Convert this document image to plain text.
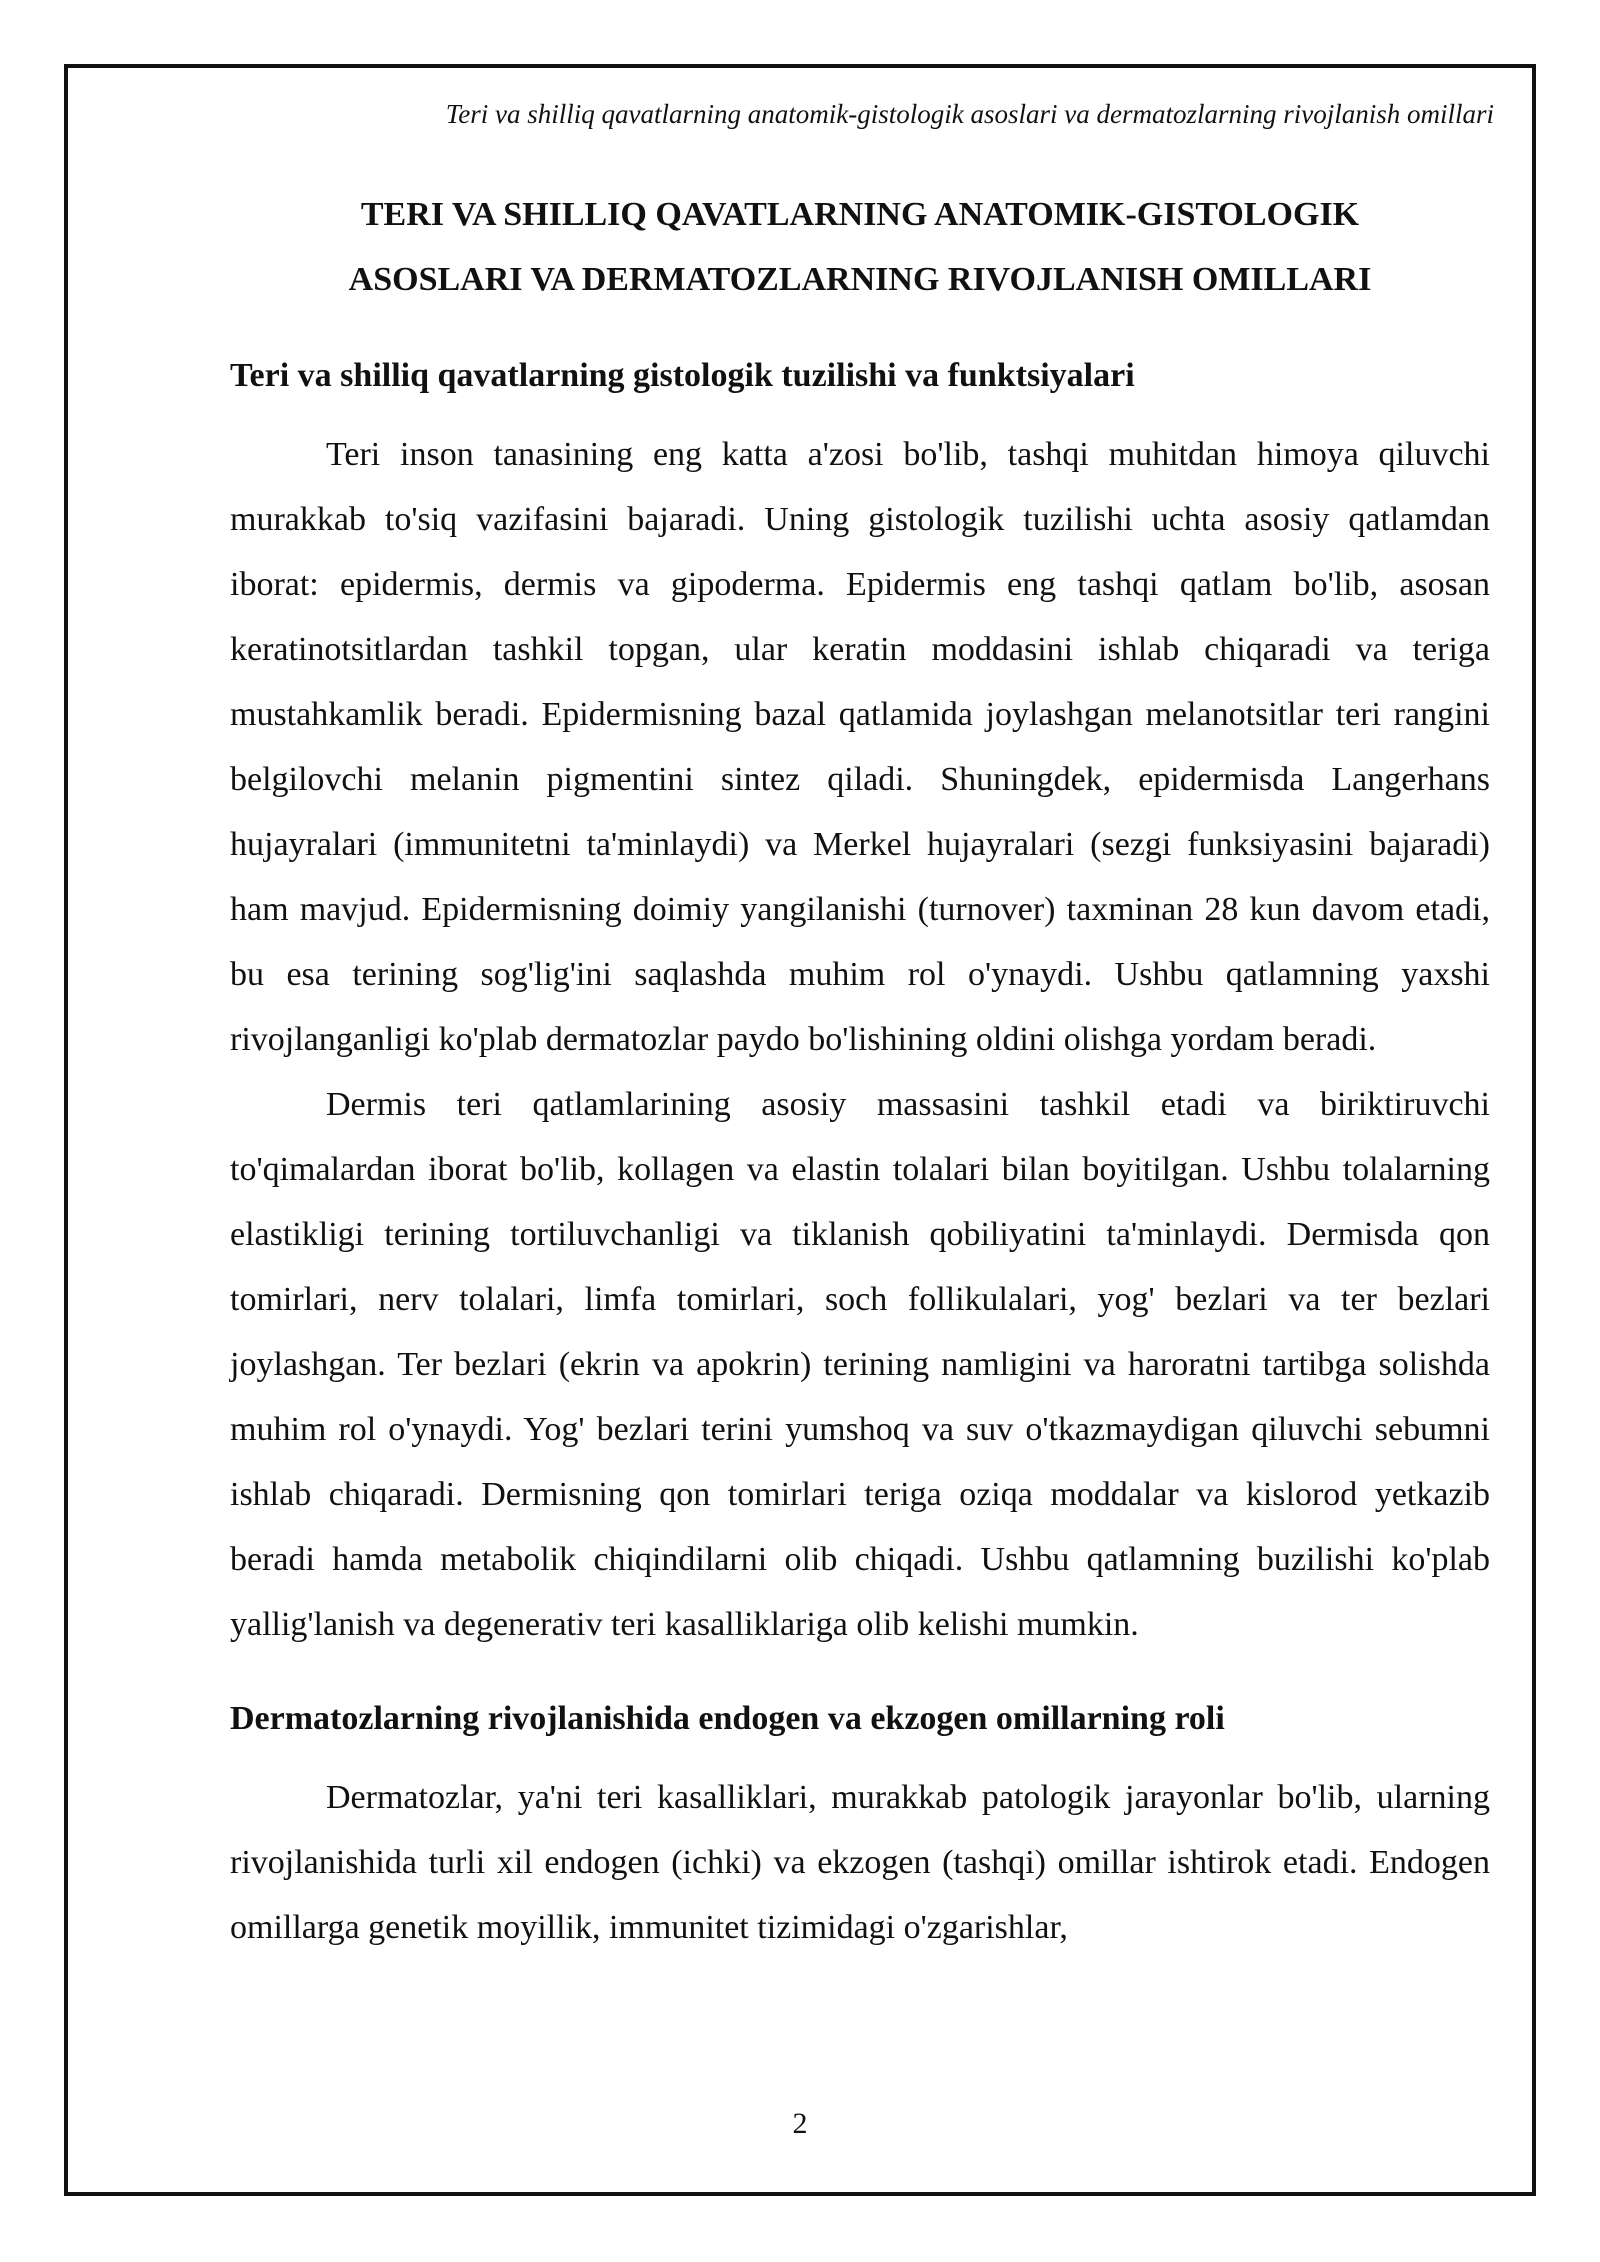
Teri va shilliq qavatlarning anatomik-gistologik asoslari va dermatozlarning rivojlanish omillari
TERI VA SHILLIQ QAVATLARNING ANATOMIK-GISTOLOGIK
ASOSLARI VA DERMATOZLARNING RIVOJLANISH OMILLARI
Teri va shilliq qavatlarning gistologik tuzilishi va funktsiyalari

Teri inson tanasining eng katta a'zosi bo'lib, tashqi muhitdan himoya qiluvchi murakkab to'siq vazifasini bajaradi. Uning gistologik tuzilishi uchta asosiy qatlamdan iborat: epidermis, dermis va gipoderma. Epidermis eng tashqi qatlam bo'lib, asosan keratinotsitlardan tashkil topgan, ular keratin moddasini ishlab chiqaradi va teriga mustahkamlik beradi. Epidermisning bazal qatlamida joylashgan melanotsitlar teri rangini belgilovchi melanin pigmentini sintez qiladi. Shuningdek, epidermisda Langerhans hujayralari (immunitetni ta'minlaydi) va Merkel hujayralari (sezgi funksiyasini bajaradi) ham mavjud. Epidermisning doimiy yangilanishi (turnover) taxminan 28 kun davom etadi, bu esa terining sog'lig'ini saqlashda muhim rol o'ynaydi. Ushbu qatlamning yaxshi rivojlanganligi ko'plab dermatozlar paydo bo'lishining oldini olishga yordam beradi.

Dermis teri qatlamlarining asosiy massasini tashkil etadi va biriktiruvchi to'qimalardan iborat bo'lib, kollagen va elastin tolalari bilan boyitilgan. Ushbu tolalarning elastikligi terining tortiluvchanligi va tiklanish qobiliyatini ta'minlaydi. Dermisda qon tomirlari, nerv tolalari, limfa tomirlari, soch follikulalari, yog' bezlari va ter bezlari joylashgan. Ter bezlari (ekrin va apokrin) terining namligini va haroratni tartibga solishda muhim rol o'ynaydi. Yog' bezlari terini yumshoq va suv o'tkazmaydigan qiluvchi sebumni ishlab chiqaradi. Dermisning qon tomirlari teriga oziqa moddalar va kislorod yetkazib beradi hamda metabolik chiqindilarni olib chiqadi. Ushbu qatlamning buzilishi ko'plab yallig'lanish va degenerativ teri kasalliklariga olib kelishi mumkin.

Dermatozlarning rivojlanishida endogen va ekzogen omillarning roli

Dermatozlar, ya'ni teri kasalliklari, murakkab patologik jarayonlar bo'lib, ularning rivojlanishida turli xil endogen (ichki) va ekzogen (tashqi) omillar ishtirok etadi. Endogen omillarga genetik moyillik, immunitet tizimidagi o'zgarishlar,

2
